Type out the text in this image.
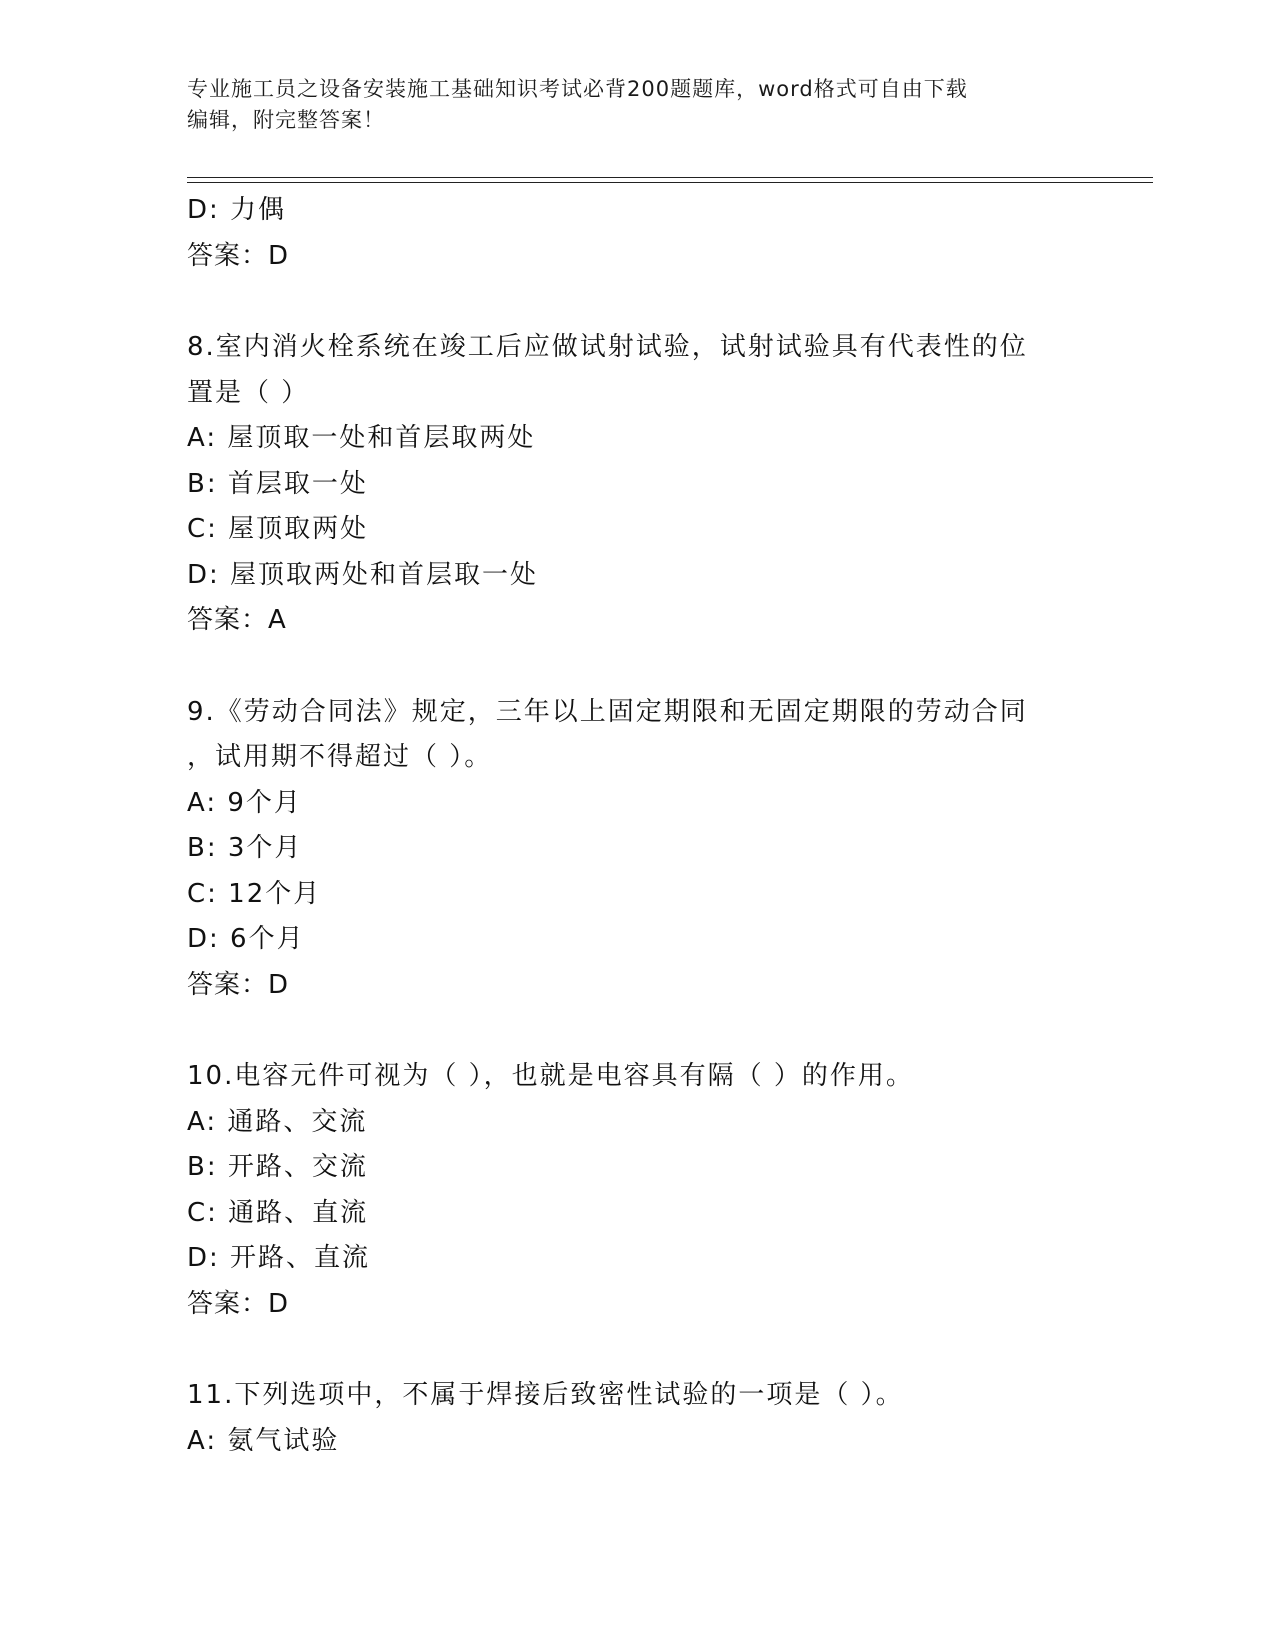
专业施工员之设备安装施工基础知识考试必背200题题库，word格式可自由下载
编辑，附完整答案！
D: 力偶
答案：D
8.室内消火栓系统在竣工后应做试射试验，试射试验具有代表性的位
置是（ ）
A: 屋顶取一处和首层取两处
B: 首层取一处
C: 屋顶取两处
D: 屋顶取两处和首层取一处
答案：A
9.《劳动合同法》规定，三年以上固定期限和无固定期限的劳动合同
，试用期不得超过（ ）。
A: 9个月
B: 3个月
C: 12个月
D: 6个月
答案：D
10.电容元件可视为（ ），也就是电容具有隔（ ）的作用。
A: 通路、交流
B: 开路、交流
C: 通路、直流
D: 开路、直流
答案：D
11.下列选项中，不属于焊接后致密性试验的一项是（ ）。
A: 氨气试验
